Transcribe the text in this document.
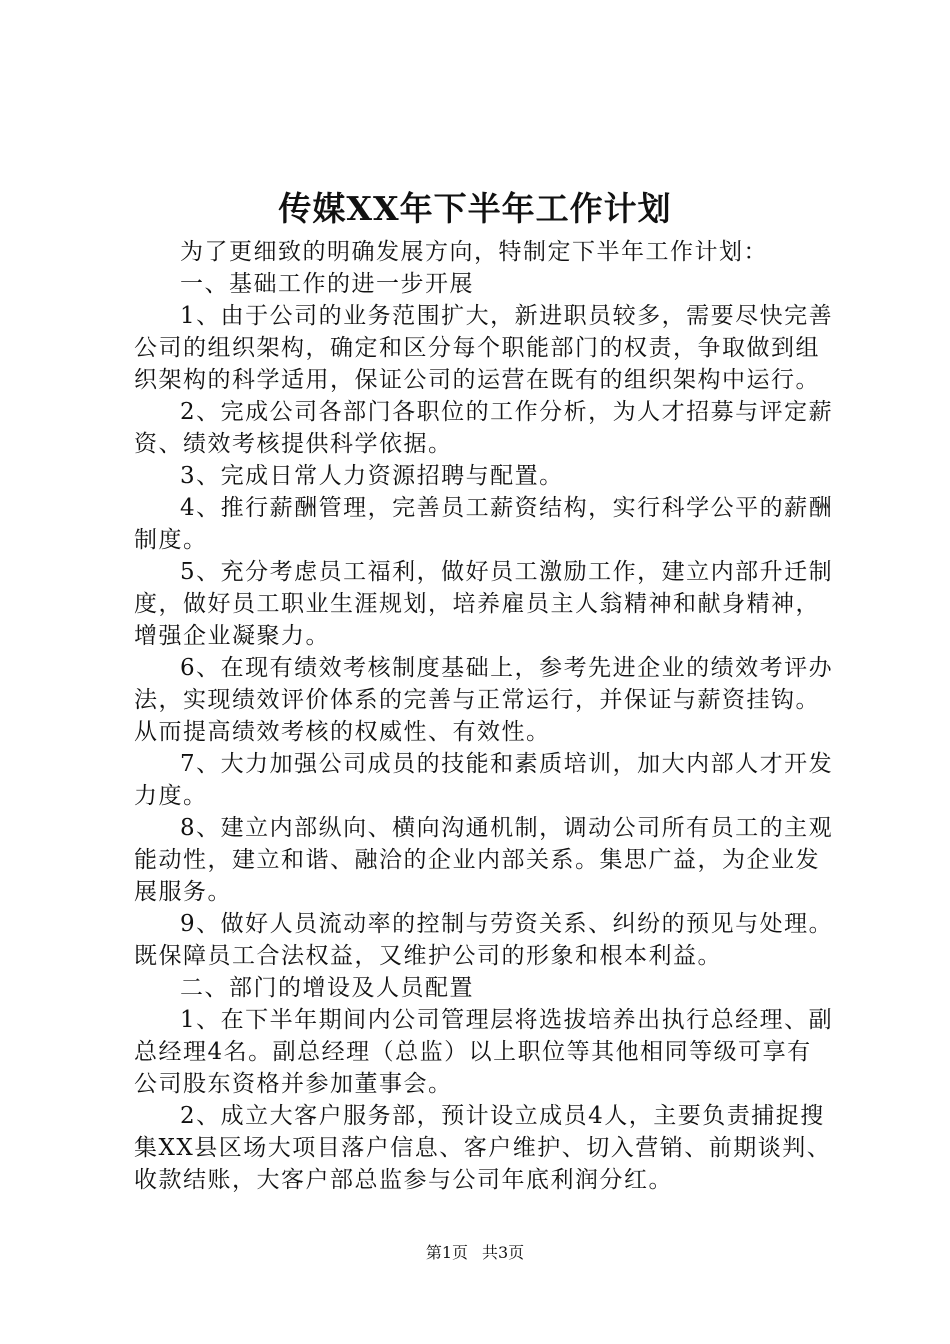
传媒XX年下半年工作计划

为了更细致的明确发展方向，特制定下半年工作计划：

一、基础工作的进一步开展

1、由于公司的业务范围扩大，新进职员较多，需要尽快完善公司的组织架构，确定和区分每个职能部门的权责，争取做到组织架构的科学适用，保证公司的运营在既有的组织架构中运行。

2、完成公司各部门各职位的工作分析，为人才招募与评定薪资、绩效考核提供科学依据。

3、完成日常人力资源招聘与配置。

4、推行薪酬管理，完善员工薪资结构，实行科学公平的薪酬制度。

5、充分考虑员工福利，做好员工激励工作，建立内部升迁制度，做好员工职业生涯规划，培养雇员主人翁精神和献身精神，增强企业凝聚力。

6、在现有绩效考核制度基础上，参考先进企业的绩效考评办法，实现绩效评价体系的完善与正常运行，并保证与薪资挂钩。从而提高绩效考核的权威性、有效性。

7、大力加强公司成员的技能和素质培训，加大内部人才开发力度。

8、建立内部纵向、横向沟通机制，调动公司所有员工的主观能动性，建立和谐、融洽的企业内部关系。集思广益，为企业发展服务。

9、做好人员流动率的控制与劳资关系、纠纷的预见与处理。既保障员工合法权益，又维护公司的形象和根本利益。

二、部门的增设及人员配置

1、在下半年期间内公司管理层将选拔培养出执行总经理、副总经理4名。副总经理（总监）以上职位等其他相同等级可享有公司股东资格并参加董事会。

2、成立大客户服务部，预计设立成员4人，主要负责捕捉搜集XX县区场大项目落户信息、客户维护、切入营销、前期谈判、收款结账，大客户部总监参与公司年底利润分红。

第1页 共3页
